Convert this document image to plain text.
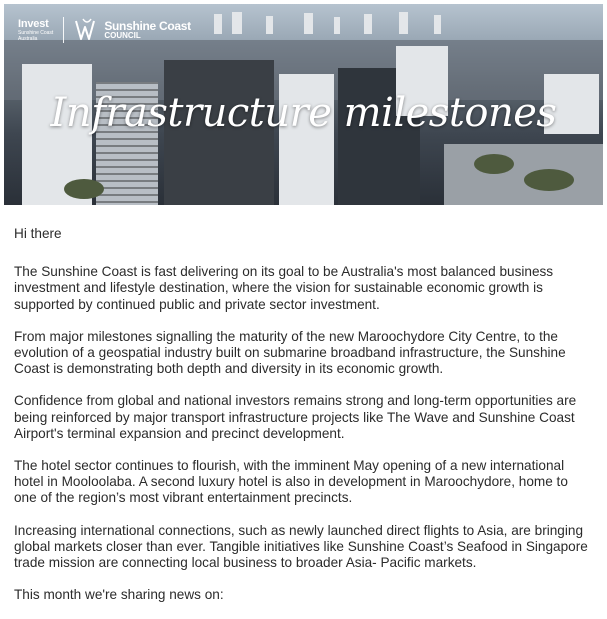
Invest
Sunshine Coast
Australia
Sunshine Coast
COUNCIL
Infrastructure milestones

Hi there

The Sunshine Coast is fast delivering on its goal to be Australia's most balanced business investment and lifestyle destination, where the vision for sustainable economic growth is supported by continued public and private sector investment.

From major milestones signalling the maturity of the new Maroochydore City Centre, to the evolution of a geospatial industry built on submarine broadband infrastructure, the Sunshine Coast is demonstrating both depth and diversity in its economic growth.

Confidence from global and national investors remains strong and long-term opportunities are being reinforced by major transport infrastructure projects like The Wave and Sunshine Coast Airport's terminal expansion and precinct development.

The hotel sector continues to flourish, with the imminent May opening of a new international hotel in Mooloolaba. A second luxury hotel is also in development in Maroochydore, home to one of the region’s most vibrant entertainment precincts.

Increasing international connections, such as newly launched direct flights to Asia, are bringing global markets closer than ever. Tangible initiatives like Sunshine Coast’s Seafood in Singapore trade mission are connecting local business to broader Asia- Pacific markets.

This month we're sharing news on:
